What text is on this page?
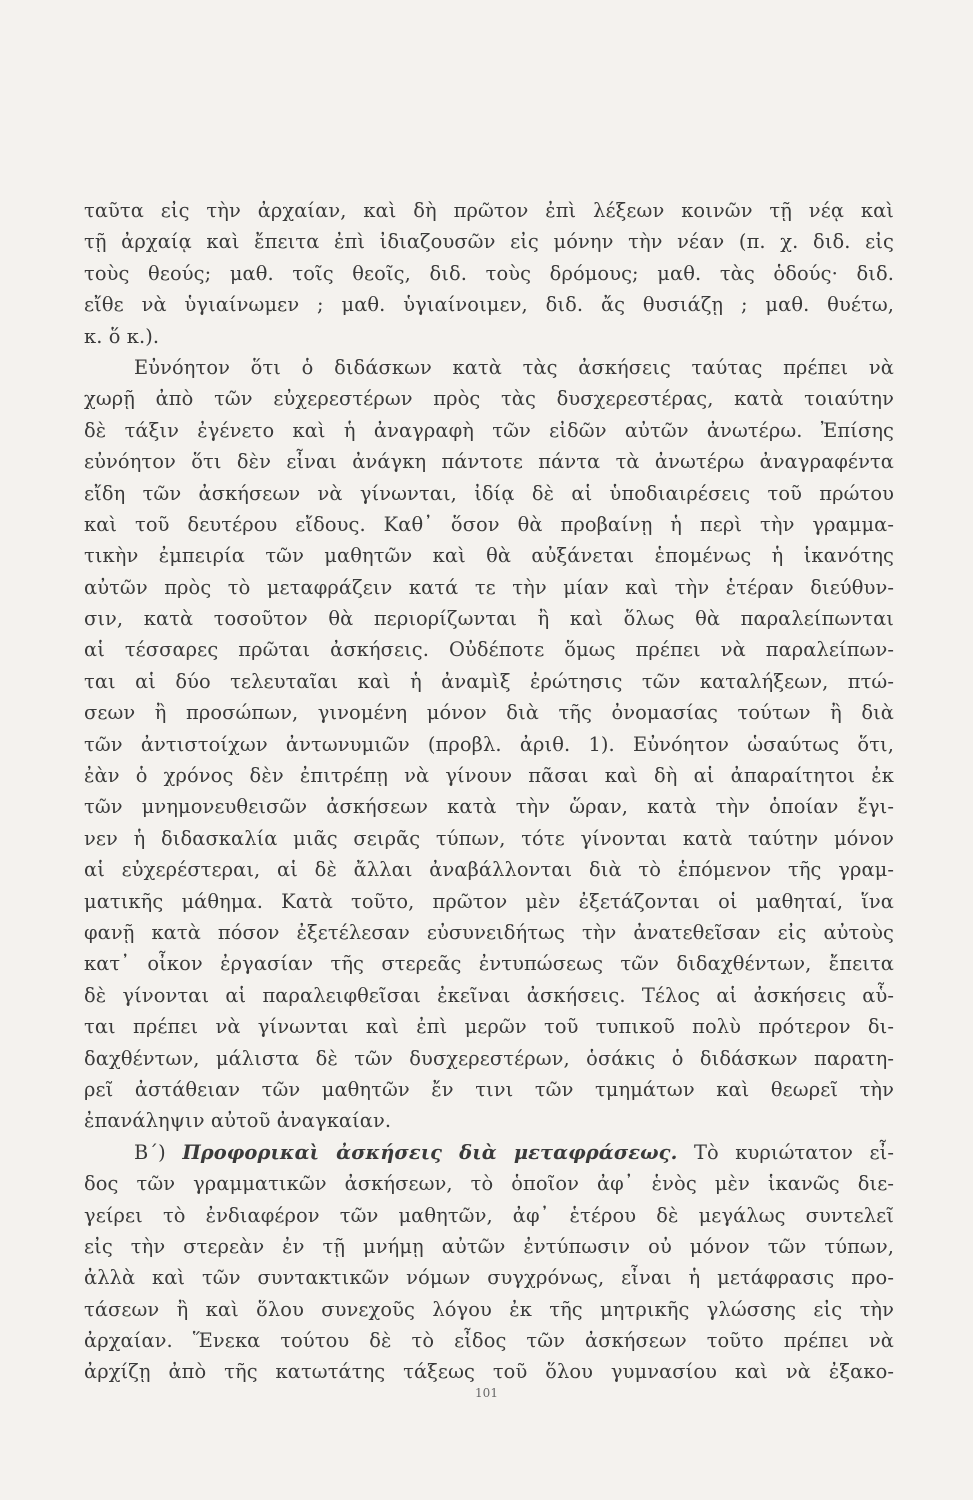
ταῦτα εἰς τὴν ἀρχαίαν, καὶ δὴ πρῶτον ἐπὶ λέξεων κοινῶν τῇ νέᾳ καὶ
τῇ ἀρχαίᾳ καὶ ἔπειτα ἐπὶ ἰδιαζουσῶν εἰς μόνην τὴν νέαν (π. χ. διδ. εἰς
τοὺς θεούς; μαθ. τοῖς θεοῖς, διδ. τοὺς δρόμους; μαθ. τὰς ὁδούς· διδ.
εἴθε νὰ ὑγιαίνωμεν ; μαθ. ὑγιαίνοιμεν, διδ. ἄς θυσιάζῃ ; μαθ. θυέτω,
κ. ὅ κ.).
Εὐνόητον ὅτι ὁ διδάσκων κατὰ τὰς ἀσκήσεις ταύτας πρέπει νὰ
χωρῇ ἀπὸ τῶν εὐχερεστέρων πρὸς τὰς δυσχερεστέρας, κατὰ τοιαύτην
δὲ τάξιν ἐγένετο καὶ ἡ ἀναγραφὴ τῶν εἰδῶν αὐτῶν ἀνωτέρω. Ἐπίσης
εὐνόητον ὅτι δὲν εἶναι ἀνάγκη πάντοτε πάντα τὰ ἀνωτέρω ἀναγραφέντα
εἴδη τῶν ἀσκήσεων νὰ γίνωνται, ἰδίᾳ δὲ αἱ ὑποδιαιρέσεις τοῦ πρώτου
καὶ τοῦ δευτέρου εἴδους. Καθ᾽ ὅσον θὰ προβαίνῃ ἡ περὶ τὴν γραμμα-
τικὴν ἐμπειρία τῶν μαθητῶν καὶ θὰ αὐξάνεται ἑπομένως ἡ ἱκανότης
αὐτῶν πρὸς τὸ μεταφράζειν κατά τε τὴν μίαν καὶ τὴν ἑτέραν διεύθυν-
σιν, κατὰ τοσοῦτον θὰ περιορίζωνται ἢ καὶ ὅλως θὰ παραλείπωνται
αἱ τέσσαρες πρῶται ἀσκήσεις. Οὐδέποτε ὅμως πρέπει νὰ παραλείπων-
ται αἱ δύο τελευταῖαι καὶ ἡ ἀναμὶξ ἐρώτησις τῶν καταλήξεων, πτώ-
σεων ἢ προσώπων, γινομένη μόνον διὰ τῆς ὀνομασίας τούτων ἢ διὰ
τῶν ἀντιστοίχων ἀντωνυμιῶν (προβλ. ἀριθ. 1). Εὐνόητον ὡσαύτως ὅτι,
ἐὰν ὁ χρόνος δὲν ἐπιτρέπῃ νὰ γίνουν πᾶσαι καὶ δὴ αἱ ἀπαραίτητοι ἐκ
τῶν μνημονευθεισῶν ἀσκήσεων κατὰ τὴν ὥραν, κατὰ τὴν ὁποίαν ἔγι-
νεν ἡ διδασκαλία μιᾶς σειρᾶς τύπων, τότε γίνονται κατὰ ταύτην μόνον
αἱ εὐχερέστεραι, αἱ δὲ ἄλλαι ἀναβάλλονται διὰ τὸ ἑπόμενον τῆς γραμ-
ματικῆς μάθημα. Κατὰ τοῦτο, πρῶτον μὲν ἐξετάζονται οἱ μαθηταί, ἵνα
φανῇ κατὰ πόσον ἐξετέλεσαν εὐσυνειδήτως τὴν ἀνατεθεῖσαν εἰς αὐτοὺς
κατ᾽ οἶκον ἐργασίαν τῆς στερεᾶς ἐντυπώσεως τῶν διδαχθέντων, ἔπειτα
δὲ γίνονται αἱ παραλειφθεῖσαι ἐκεῖναι ἀσκήσεις. Τέλος αἱ ἀσκήσεις αὗ-
ται πρέπει νὰ γίνωνται καὶ ἐπὶ μερῶν τοῦ τυπικοῦ πολὺ πρότερον δι-
δαχθέντων, μάλιστα δὲ τῶν δυσχερεστέρων, ὁσάκις ὁ διδάσκων παρατη-
ρεῖ ἀστάθειαν τῶν μαθητῶν ἔν τινι τῶν τμημάτων καὶ θεωρεῖ τὴν
ἐπανάληψιν αὐτοῦ ἀναγκαίαν.
Β΄) Προφορικαὶ ἀσκήσεις διὰ μεταφράσεως. Τὸ κυριώτατον εἶ-
δος τῶν γραμματικῶν ἀσκήσεων, τὸ ὁποῖον ἀφ᾽ ἑνὸς μὲν ἱκανῶς διε-
γείρει τὸ ἐνδιαφέρον τῶν μαθητῶν, ἀφ᾽ ἑτέρου δὲ μεγάλως συντελεῖ
εἰς τὴν στερεὰν ἐν τῇ μνήμῃ αὐτῶν ἐντύπωσιν οὐ μόνον τῶν τύπων,
ἀλλὰ καὶ τῶν συντακτικῶν νόμων συγχρόνως, εἶναι ἡ μετάφρασις προ-
τάσεων ἢ καὶ ὅλου συνεχοῦς λόγου ἐκ τῆς μητρικῆς γλώσσης εἰς τὴν
ἀρχαίαν. Ἕνεκα τούτου δὲ τὸ εἶδος τῶν ἀσκήσεων τοῦτο πρέπει νὰ
ἀρχίζῃ ἀπὸ τῆς κατωτάτης τάξεως τοῦ ὅλου γυμνασίου καὶ νὰ ἐξακο-
101
